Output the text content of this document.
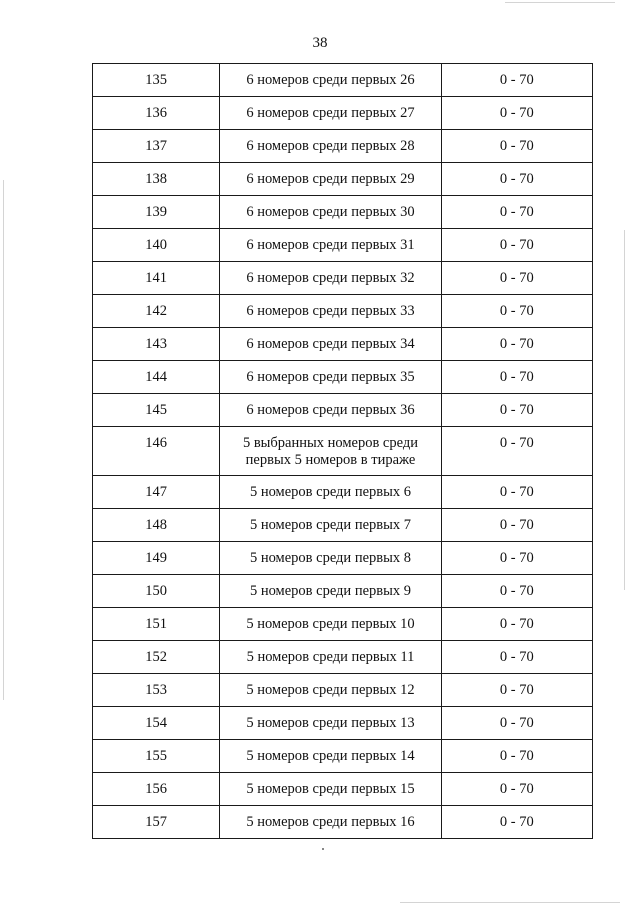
38
135	6 номеров среди первых 26	0 - 70
136	6 номеров среди первых 27	0 - 70
137	6 номеров среди первых 28	0 - 70
138	6 номеров среди первых 29	0 - 70
139	6 номеров среди первых 30	0 - 70
140	6 номеров среди первых 31	0 - 70
141	6 номеров среди первых 32	0 - 70
142	6 номеров среди первых 33	0 - 70
143	6 номеров среди первых 34	0 - 70
144	6 номеров среди первых 35	0 - 70
145	6 номеров среди первых 36	0 - 70
146	5 выбранных номеров среди первых 5 номеров в тираже	0 - 70
147	5 номеров среди первых 6	0 - 70
148	5 номеров среди первых 7	0 - 70
149	5 номеров среди первых 8	0 - 70
150	5 номеров среди первых 9	0 - 70
151	5 номеров среди первых 10	0 - 70
152	5 номеров среди первых 11	0 - 70
153	5 номеров среди первых 12	0 - 70
154	5 номеров среди первых 13	0 - 70
155	5 номеров среди первых 14	0 - 70
156	5 номеров среди первых 15	0 - 70
157	5 номеров среди первых 16	0 - 70
